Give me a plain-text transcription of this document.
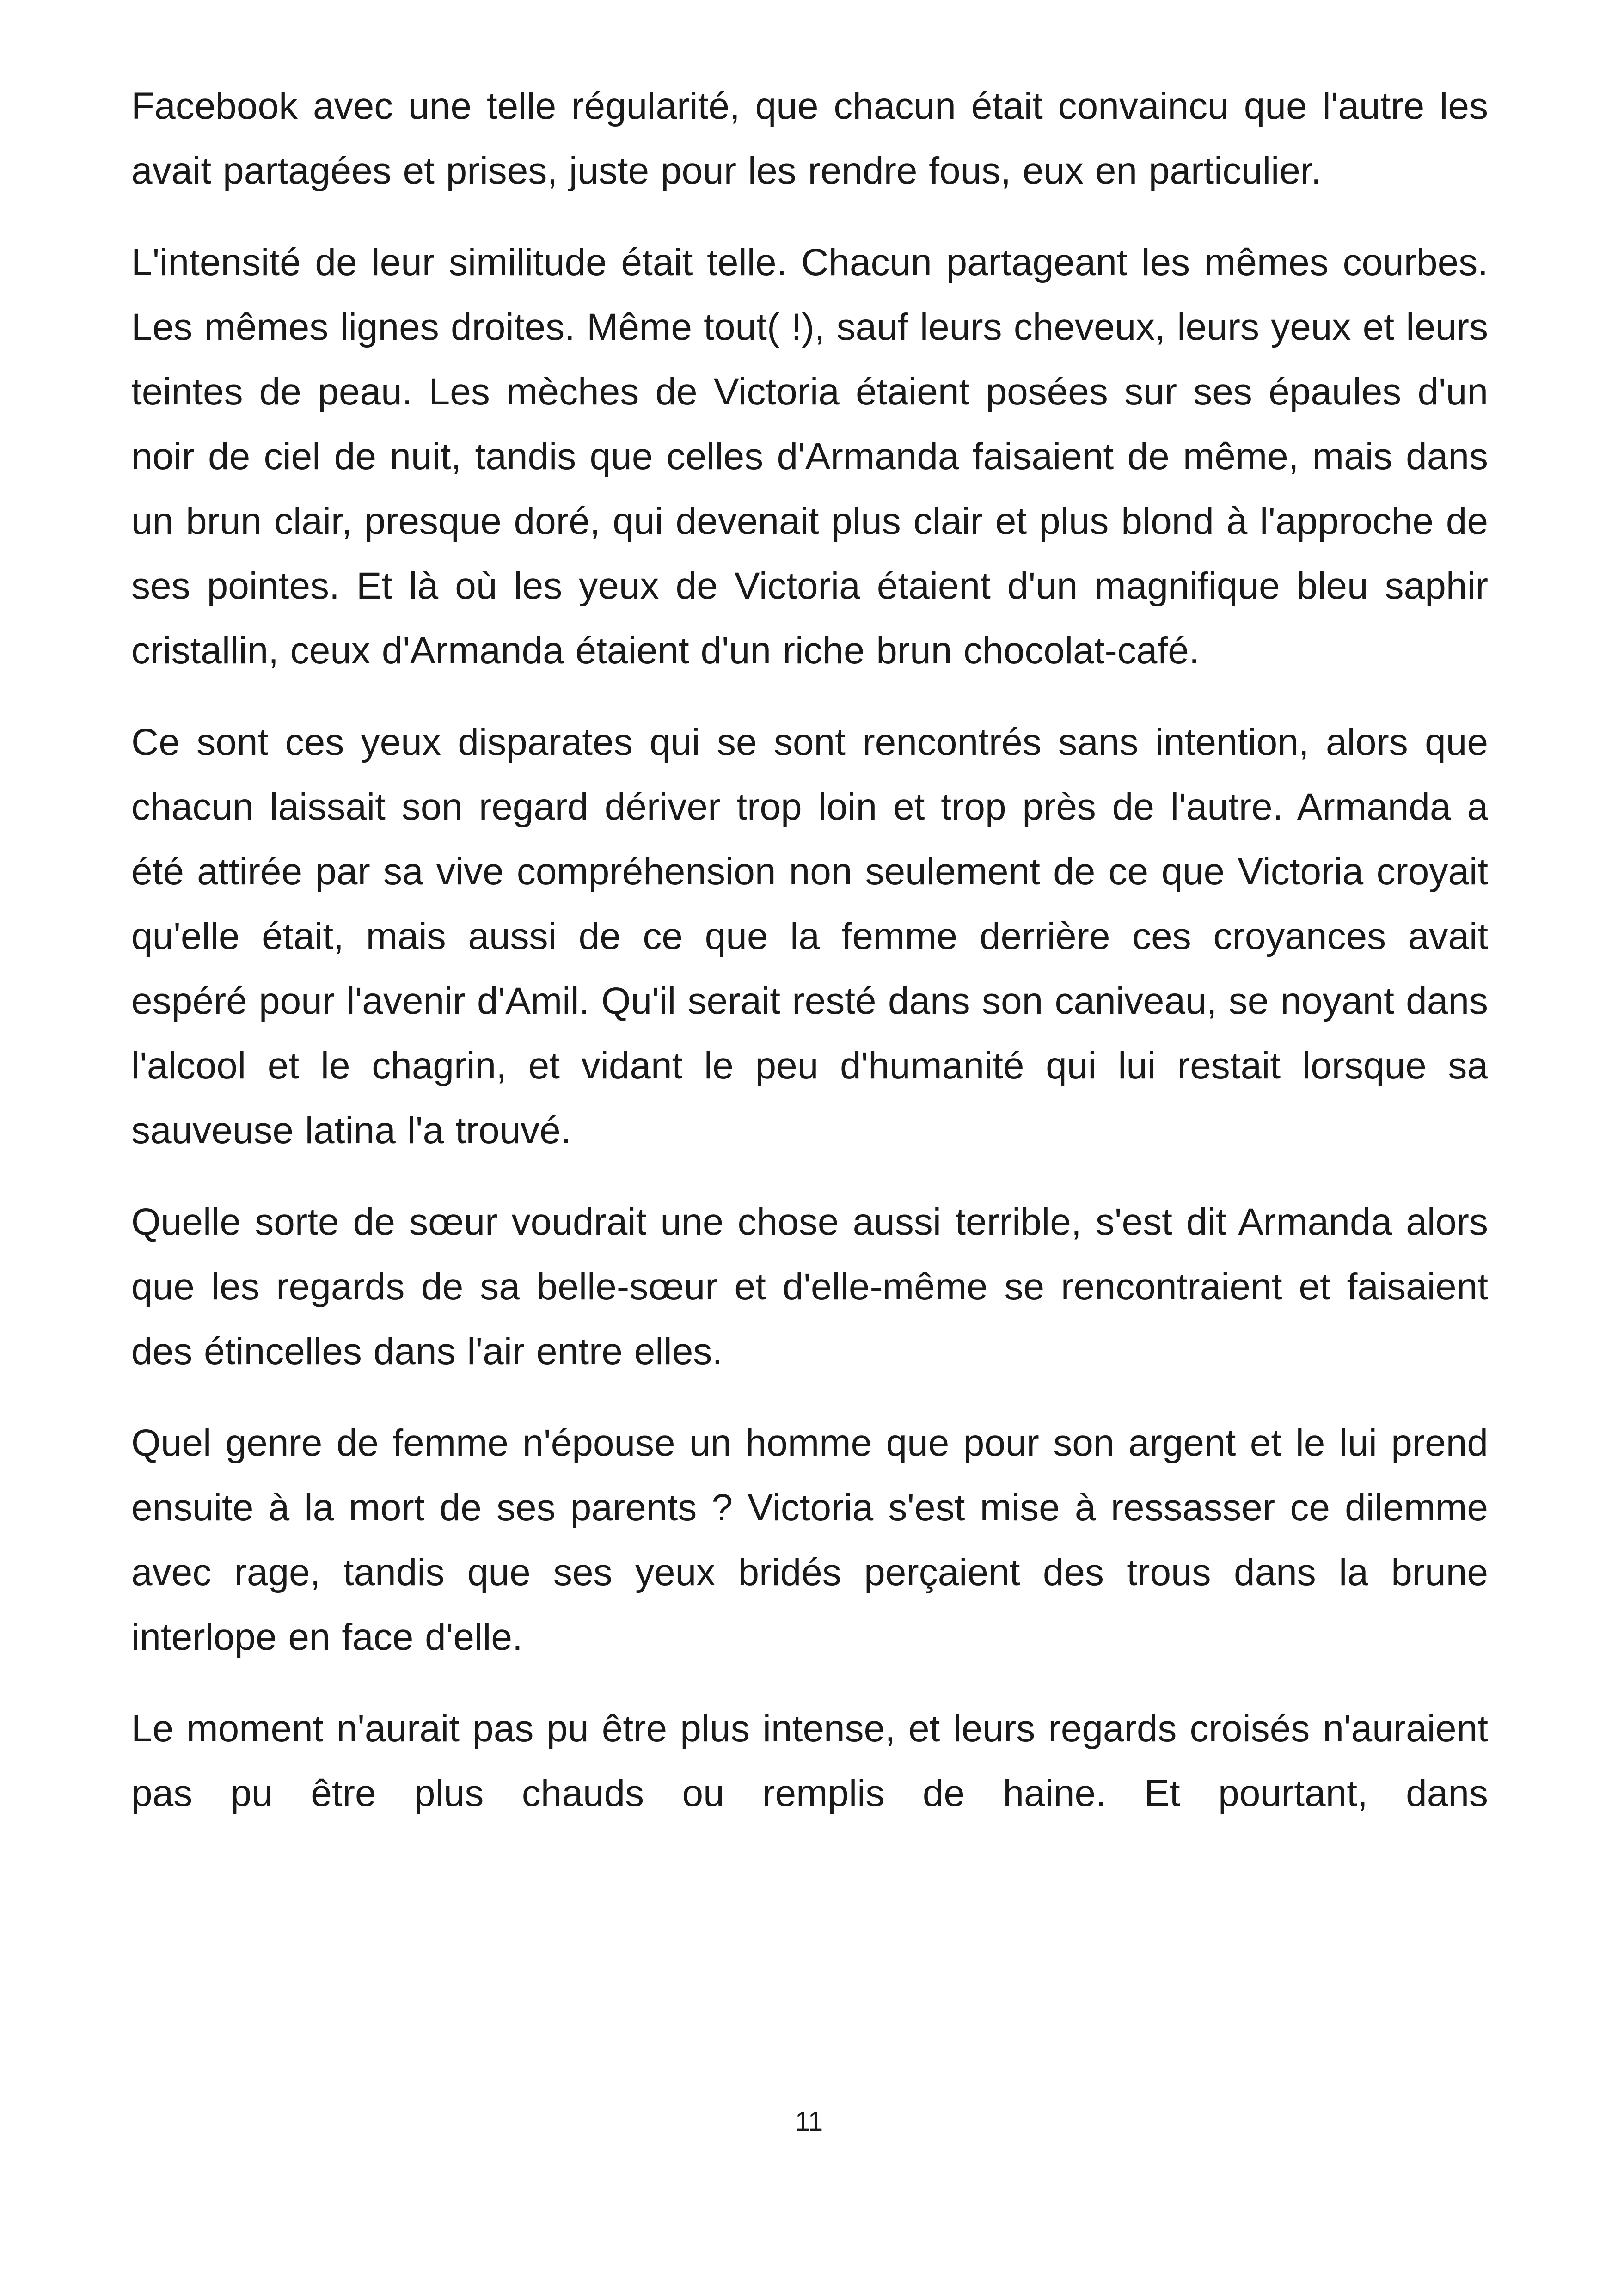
Facebook avec une telle régularité, que chacun était convaincu que l'autre les avait partagées et prises, juste pour les rendre fous, eux en particulier.

L'intensité de leur similitude était telle. Chacun partageant les mêmes courbes. Les mêmes lignes droites. Même tout( !), sauf leurs cheveux, leurs yeux et leurs teintes de peau. Les mèches de Victoria étaient posées sur ses épaules d'un noir de ciel de nuit, tandis que celles d'Armanda faisaient de même, mais dans un brun clair, presque doré, qui devenait plus clair et plus blond à l'approche de ses pointes. Et là où les yeux de Victoria étaient d'un magnifique bleu saphir cristallin, ceux d'Armanda étaient d'un riche brun chocolat-café.

Ce sont ces yeux disparates qui se sont rencontrés sans intention, alors que chacun laissait son regard dériver trop loin et trop près de l'autre. Armanda a été attirée par sa vive compréhension non seulement de ce que Victoria croyait qu'elle était, mais aussi de ce que la femme derrière ces croyances avait espéré pour l'avenir d'Amil. Qu'il serait resté dans son caniveau, se noyant dans l'alcool et le chagrin, et vidant le peu d'humanité qui lui restait lorsque sa sauveuse latina l'a trouvé.

Quelle sorte de sœur voudrait une chose aussi terrible, s'est dit Armanda alors que les regards de sa belle-sœur et d'elle-même se rencontraient et faisaient des étincelles dans l'air entre elles.

Quel genre de femme n'épouse un homme que pour son argent et le lui prend ensuite à la mort de ses parents ? Victoria s'est mise à ressasser ce dilemme avec rage, tandis que ses yeux bridés perçaient des trous dans la brune interlope en face d'elle.

Le moment n'aurait pas pu être plus intense, et leurs regards croisés n'auraient pas pu être plus chauds ou remplis de haine. Et pourtant, dans

11
